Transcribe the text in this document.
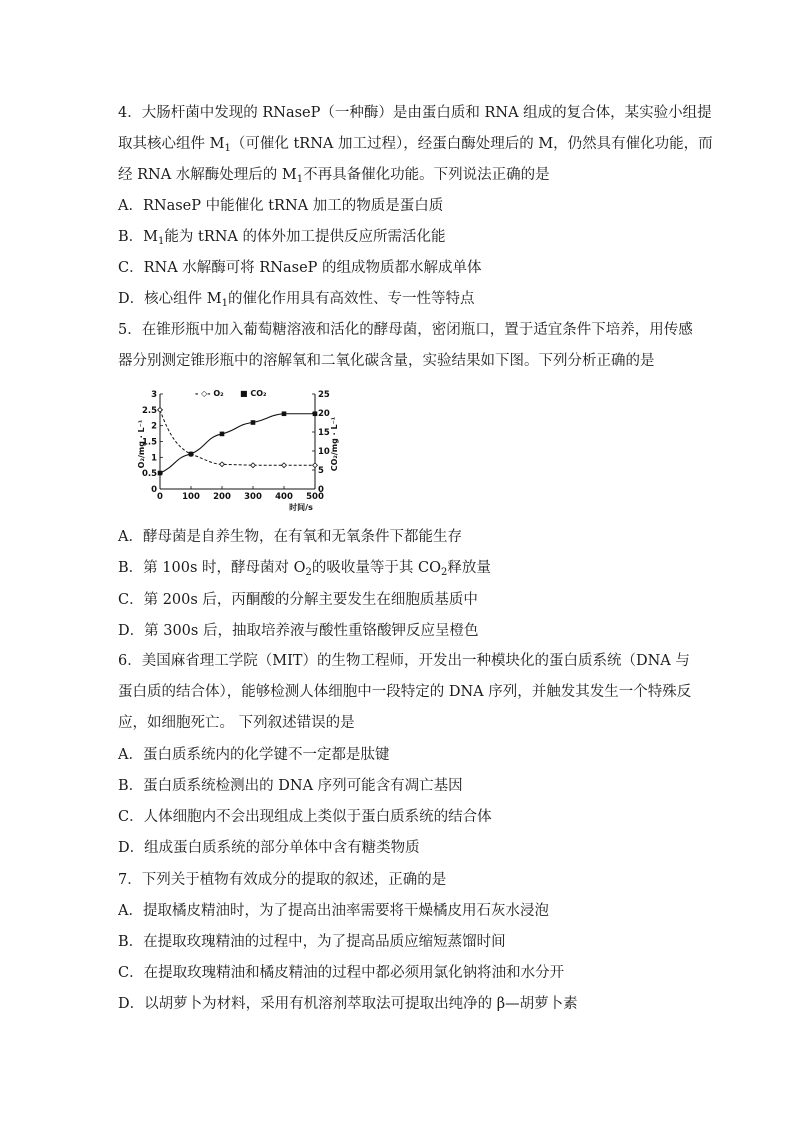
4．大肠杆菌中发现的 RNaseP（一种酶）是由蛋白质和 RNA 组成的复合体，某实验小组提
取其核心组件 $M_1$（可催化 tRNA 加工过程），经蛋白酶处理后的 M，仍然具有催化功能，而
经 RNA 水解酶处理后的 $M_1$不再具备催化功能。下列说法正确的是
A．RNaseP 中能催化 tRNA 加工的物质是蛋白质
B．$M_1$能为 tRNA 的体外加工提供反应所需活化能
C．RNA 水解酶可将 RNaseP 的组成物质都水解成单体
D．核心组件 $M_1$的催化作用具有高效性、专一性等特点
5．在锥形瓶中加入葡萄糖溶液和活化的酵母菌，密闭瓶口，置于适宜条件下培养，用传感
器分别测定锥形瓶中的溶解氧和二氧化碳含量，实验结果如下图。下列分析正确的是
A．酵母菌是自养生物，在有氧和无氧条件下都能生存
B．第 100s 时，酵母菌对 $O_2$的吸收量等于其 $CO_2$释放量
C．第 200s 后，丙酮酸的分解主要发生在细胞质基质中
D．第 300s 后，抽取培养液与酸性重铬酸钾反应呈橙色
6．美国麻省理工学院（MIT）的生物工程师，开发出一种模块化的蛋白质系统（DNA 与
蛋白质的结合体），能够检测人体细胞中一段特定的 DNA 序列，并触发其发生一个特殊反
应，如细胞死亡。 下列叙述错误的是
A．蛋白质系统内的化学键不一定都是肽键
B．蛋白质系统检测出的 DNA 序列可能含有凋亡基因
C．人体细胞内不会出现组成上类似于蛋白质系统的结合体
D．组成蛋白质系统的部分单体中含有糖类物质
7．下列关于植物有效成分的提取的叙述，正确的是
A．提取橘皮精油时，为了提高出油率需要将干燥橘皮用石灰水浸泡
B．在提取玫瑰精油的过程中，为了提高品质应缩短蒸馏时间
C．在提取玫瑰精油和橘皮精油的过程中都必须用氯化钠将油和水分开
D．以胡萝卜为材料，采用有机溶剂萃取法可提取出纯净的 β—胡萝卜素
0 100 200 300 400 500
0
0.5
1
1.5
2
2.5
3
0
5
10
15
20
25
时间/s
O₂/mg · L⁻¹	CO₂/mg · L⁻¹
- ◇- O₂ ■ CO₂
